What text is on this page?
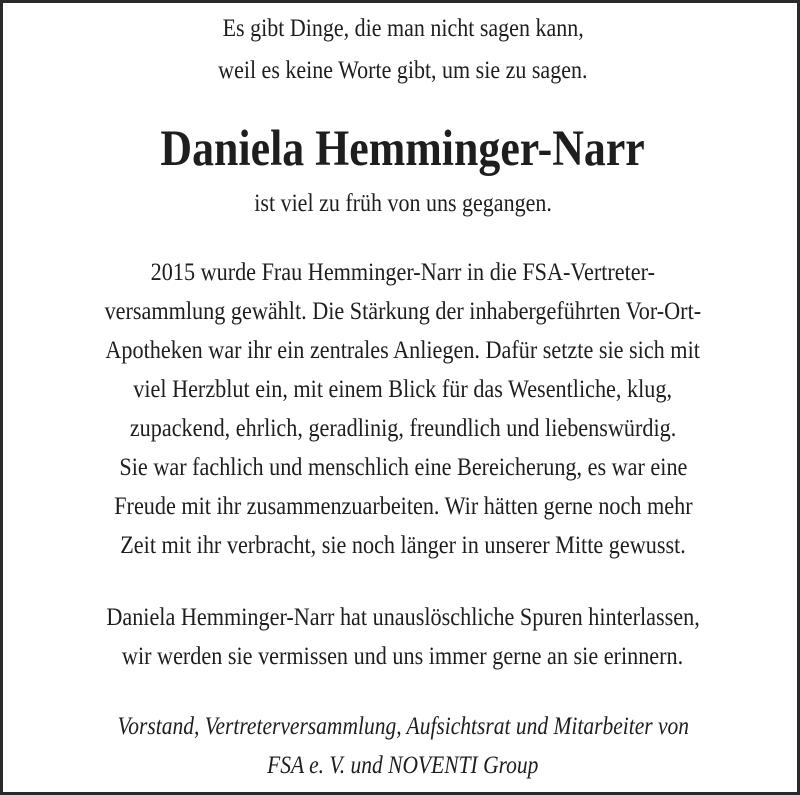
Es gibt Dinge, die man nicht sagen kann,
weil es keine Worte gibt, um sie zu sagen.
Daniela Hemminger-Narr
ist viel zu früh von uns gegangen.
2015 wurde Frau Hemminger-Narr in die FSA-Vertreter-
versammlung gewählt. Die Stärkung der inhabergeführten Vor-Ort-
Apotheken war ihr ein zentrales Anliegen. Dafür setzte sie sich mit
viel Herzblut ein, mit einem Blick für das Wesentliche, klug,
zupackend, ehrlich, geradlinig, freundlich und liebenswürdig.
Sie war fachlich und menschlich eine Bereicherung, es war eine
Freude mit ihr zusammenzuarbeiten. Wir hätten gerne noch mehr
Zeit mit ihr verbracht, sie noch länger in unserer Mitte gewusst.
Daniela Hemminger-Narr hat unauslöschliche Spuren hinterlassen,
wir werden sie vermissen und uns immer gerne an sie erinnern.
Vorstand, Vertreterversammlung, Aufsichtsrat und Mitarbeiter von
FSA e. V. und NOVENTI Group
